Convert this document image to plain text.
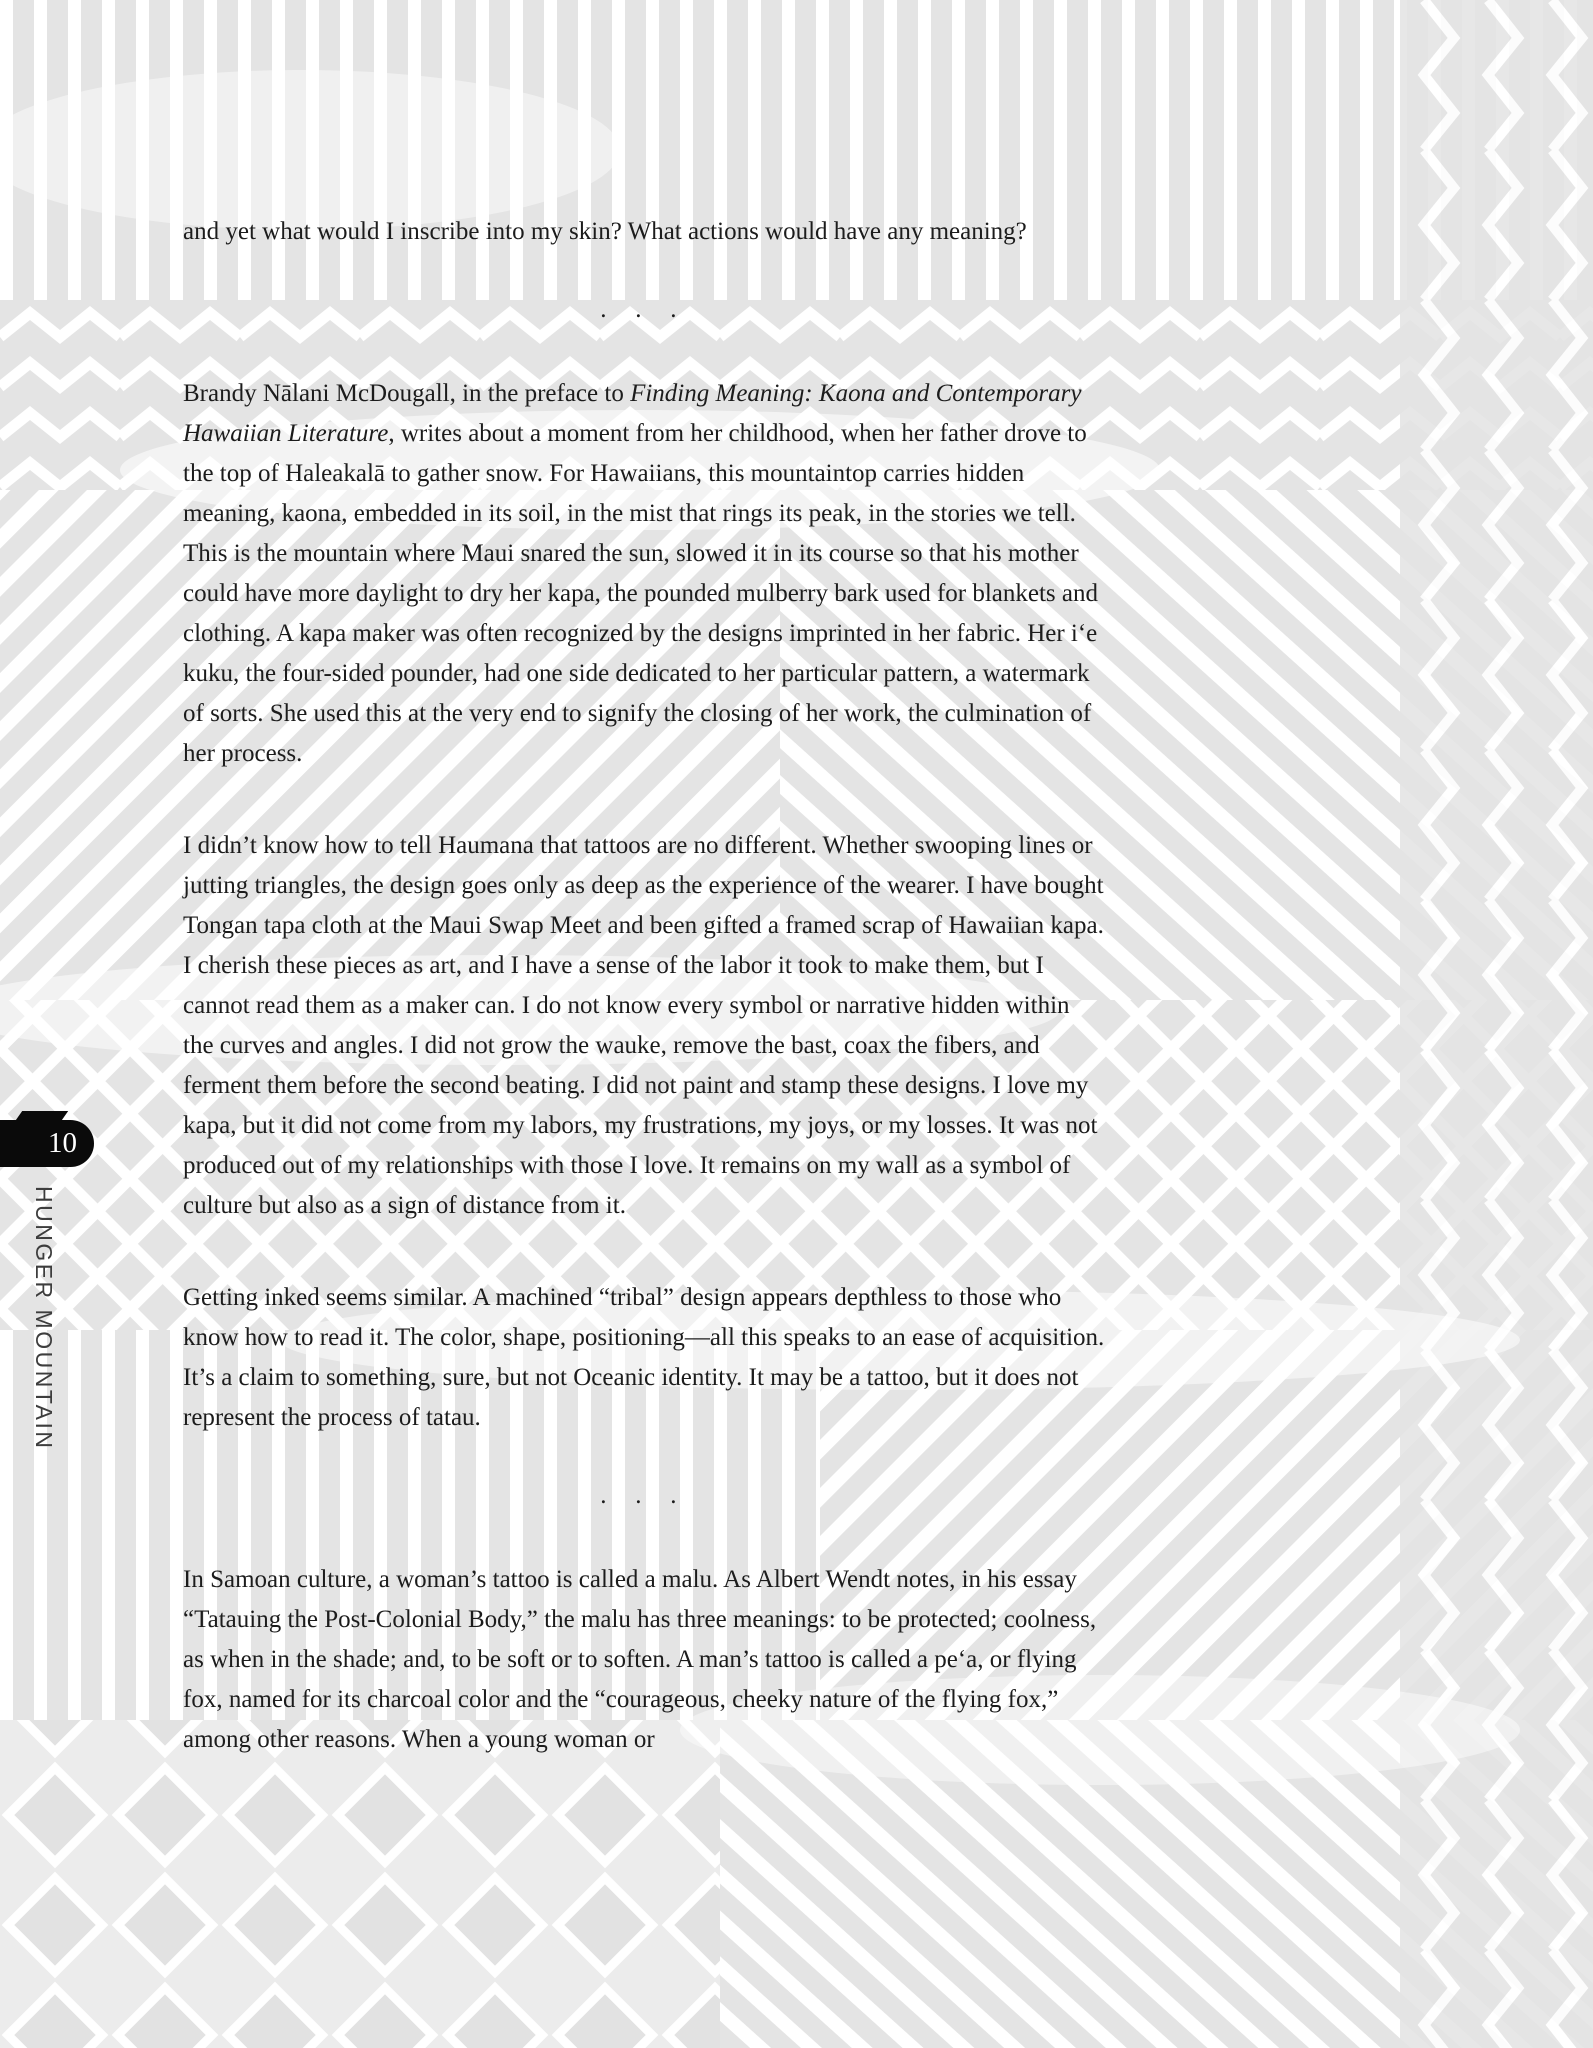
10
HUNGER MOUNTAIN

and yet what would I inscribe into my skin? What actions would have any meaning?

. . .

Brandy Nālani McDougall, in the preface to Finding Meaning: Kaona and Contemporary Hawaiian Literature, writes about a moment from her childhood, when her father drove to the top of Haleakalā to gather snow. For Hawaiians, this mountaintop carries hidden meaning, kaona, embedded in its soil, in the mist that rings its peak, in the stories we tell. This is the mountain where Maui snared the sun, slowed it in its course so that his mother could have more daylight to dry her kapa, the pounded mulberry bark used for blankets and clothing. A kapa maker was often recognized by the designs imprinted in her fabric. Her i‘e kuku, the four-sided pounder, had one side dedicated to her particular pattern, a watermark of sorts. She used this at the very end to signify the closing of her work, the culmination of her process.

I didn’t know how to tell Haumana that tattoos are no different. Whether swooping lines or jutting triangles, the design goes only as deep as the experience of the wearer. I have bought Tongan tapa cloth at the Maui Swap Meet and been gifted a framed scrap of Hawaiian kapa. I cherish these pieces as art, and I have a sense of the labor it took to make them, but I cannot read them as a maker can. I do not know every symbol or narrative hidden within the curves and angles. I did not grow the wauke, remove the bast, coax the fibers, and ferment them before the second beating. I did not paint and stamp these designs. I love my kapa, but it did not come from my labors, my frustrations, my joys, or my losses. It was not produced out of my relationships with those I love. It remains on my wall as a symbol of culture but also as a sign of distance from it.

Getting inked seems similar. A machined “tribal” design appears depthless to those who know how to read it. The color, shape, positioning—all this speaks to an ease of acquisition. It’s a claim to something, sure, but not Oceanic identity. It may be a tattoo, but it does not represent the process of tatau.

. . .

In Samoan culture, a woman’s tattoo is called a malu. As Albert Wendt notes, in his essay “Tatauing the Post-Colonial Body,” the malu has three meanings: to be protected; coolness, as when in the shade; and, to be soft or to soften. A man’s tattoo is called a pe‘a, or flying fox, named for its charcoal color and the “courageous, cheeky nature of the flying fox,” among other reasons. When a young woman or
